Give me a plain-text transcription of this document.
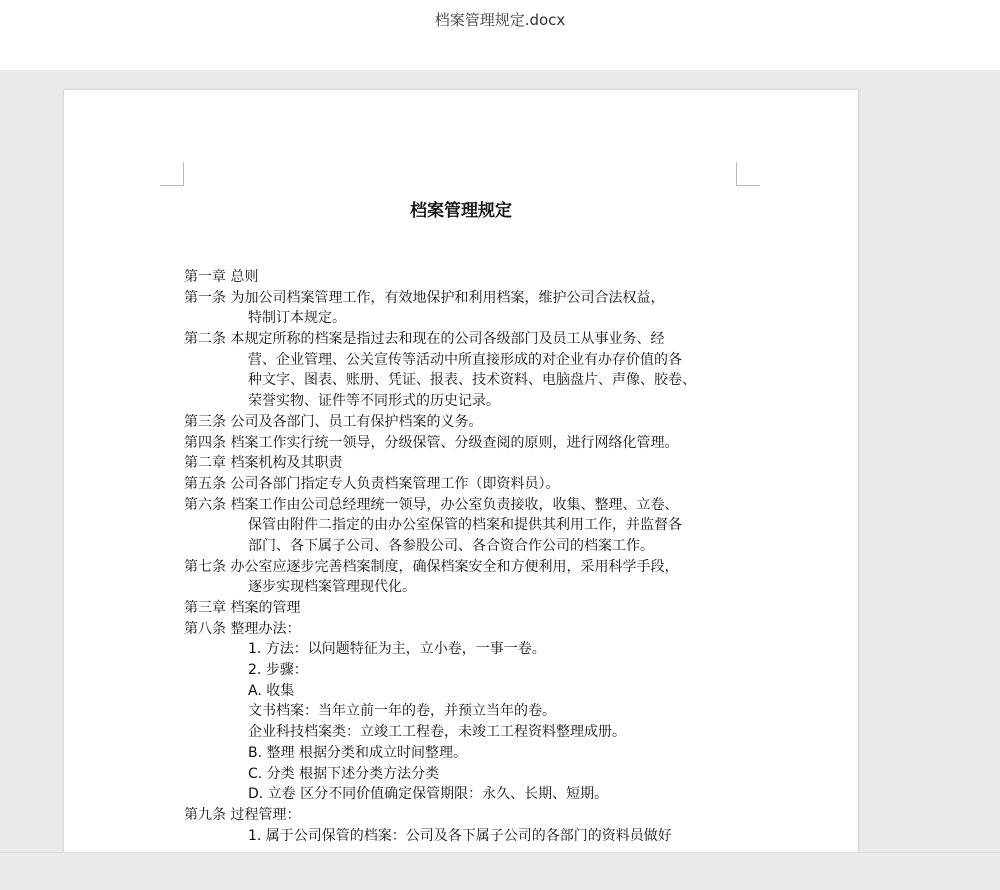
档案管理规定.docx
档案管理规定
第一章 总则
第一条 为加公司档案管理工作，有效地保护和利用档案，维护公司合法权益，
特制订本规定。
第二条 本规定所称的档案是指过去和现在的公司各级部门及员工从事业务、经
营、企业管理、公关宣传等活动中所直接形成的对企业有办存价值的各
种文字、图表、账册、凭证、报表、技术资料、电脑盘片、声像、胶卷、
荣誉实物、证件等不同形式的历史记录。
第三条 公司及各部门、员工有保护档案的义务。
第四条 档案工作实行统一领导，分级保管、分级查阅的原则，进行网络化管理。
第二章 档案机构及其职责
第五条 公司各部门指定专人负责档案管理工作（即资料员）。
第六条 档案工作由公司总经理统一领导，办公室负责接收，收集、整理、立卷、
保管由附件二指定的由办公室保管的档案和提供其利用工作，并监督各
部门、各下属子公司、各参股公司、各合资合作公司的档案工作。
第七条 办公室应逐步完善档案制度，确保档案安全和方便利用，采用科学手段，
逐步实现档案管理现代化。
第三章 档案的管理
第八条 整理办法：
1. 方法：以问题特征为主，立小卷，一事一卷。
2. 步骤：
A. 收集
文书档案：当年立前一年的卷，并预立当年的卷。
企业科技档案类：立竣工工程卷，未竣工工程资料整理成册。
B. 整理 根据分类和成立时间整理。
C. 分类 根据下述分类方法分类
D. 立卷 区分不同价值确定保管期限：永久、长期、短期。
第九条 过程管理：
1. 属于公司保管的档案：公司及各下属子公司的各部门的资料员做好
